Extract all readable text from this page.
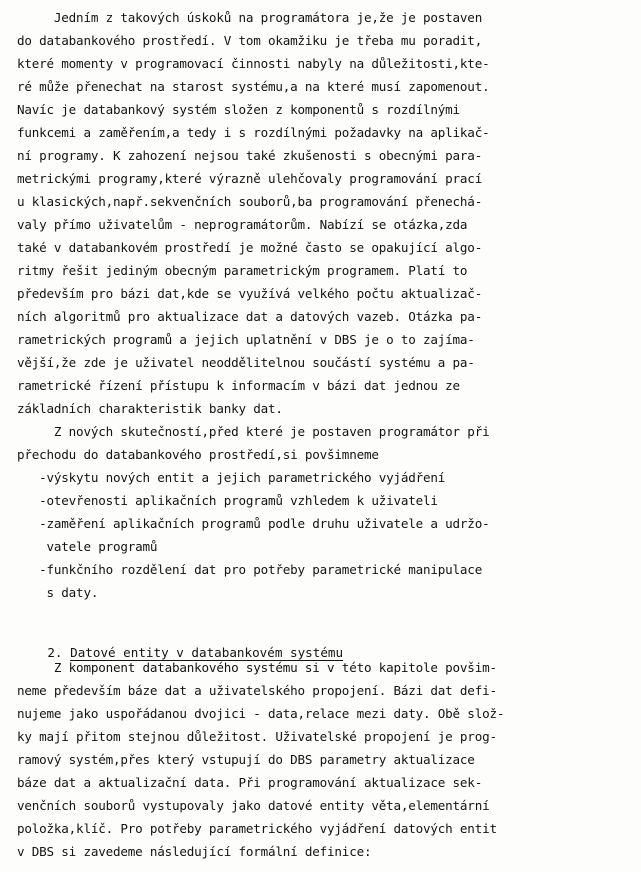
Jedním z takových úskoků na programátora je,že je postaven
do databankového prostředí. V tom okamžiku je třeba mu poradit,
které momenty v programovací činnosti nabyly na důležitosti,kte-
ré může přenechat na starost systému,a na které musí zapomenout.
Navíc je databankový systém složen z komponentů s rozdílnými
funkcemi a zaměřením,a tedy i s rozdílnými požadavky na aplikač-
ní programy. K zahození nejsou také zkušenosti s obecnými para-
metrickými programy,které výrazně ulehčovaly programování prací
u klasických,např.sekvenčních souborů,ba programování přenechá-
valy přímo uživatelům - neprogramátorům. Nabízí se otázka,zda
také v databankovém prostředí je možné často se opakující algo-
ritmy řešit jediným obecným parametrickým programem. Platí to
především pro bázi dat,kde se využívá velkého počtu aktualizač-
ních algoritmů pro aktualizace dat a datových vazeb. Otázka pa-
rametrických programů a jejich uplatnění v DBS je o to zajíma-
vější,že zde je uživatel neoddělitelnou součástí systému a pa-
rametrické řízení přístupu k informacím v bázi dat jednou ze
základních charakteristik banky dat.
Z nových skutečností,před které je postaven programátor při
přechodu do databankového prostředí,si povšimneme
-výskytu nových entit a jejich parametrického vyjádření
-otevřenosti aplikačních programů vzhledem k uživateli
-zaměření aplikačních programů podle druhu uživatele a udržo-
vatele programů
-funkčního rozdělení dat pro potřeby parametrické manipulace
s daty.

2. Datové entity v databankovém systému

Z komponent databankového systému si v této kapitole povšim-
neme především báze dat a uživatelského propojení. Bázi dat defi-
nujeme jako uspořádanou dvojici - data,relace mezi daty. Obě slož-
ky mají přitom stejnou důležitost. Uživatelské propojení je prog-
ramový systém,přes který vstupují do DBS parametry aktualizace
báze dat a aktualizační data. Při programování aktualizace sek-
venčních souborů vystupovaly jako datové entity věta,elementární
položka,klíč. Pro potřeby parametrického vyjádření datových entit
v DBS si zavedeme následující formální definice:
